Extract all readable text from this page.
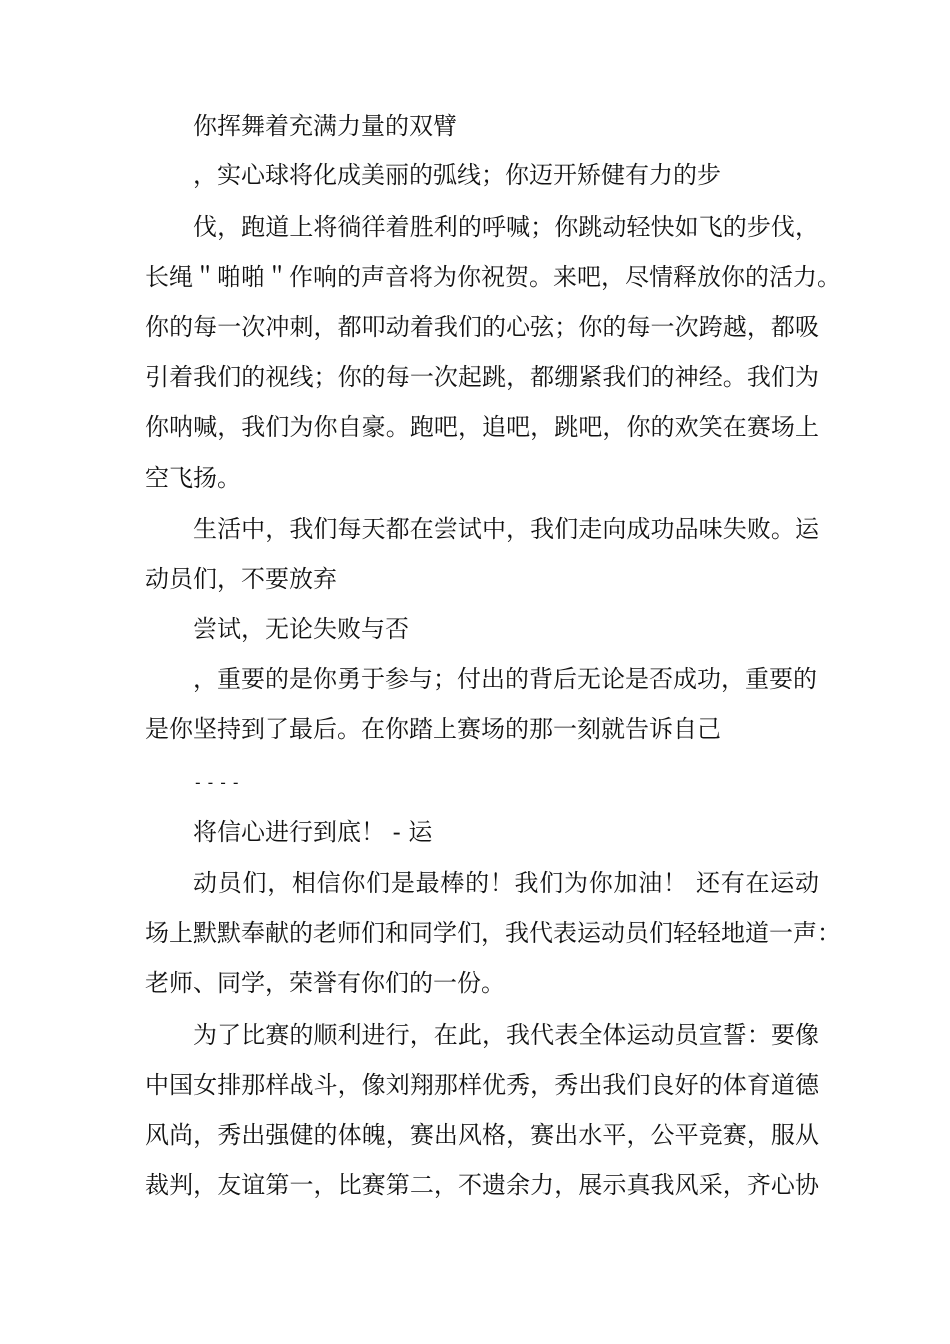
你挥舞着充满力量的双臂
，实心球将化成美丽的弧线；你迈开矫健有力的步
伐，跑道上将徜徉着胜利的呼喊；你跳动轻快如飞的步伐，
长绳＂啪啪＂作响的声音将为你祝贺。来吧，尽情释放你的活力。
你的每一次冲刺，都叩动着我们的心弦；你的每一次跨越，都吸
引着我们的视线；你的每一次起跳，都绷紧我们的神经。我们为
你呐喊，我们为你自豪。跑吧，追吧，跳吧，你的欢笑在赛场上
空飞扬。
生活中，我们每天都在尝试中，我们走向成功品味失败。运
动员们，不要放弃
尝试，无论失败与否
，重要的是你勇于参与；付出的背后无论是否成功，重要的
是你坚持到了最后。在你踏上赛场的那一刻就告诉自己
----
将信心进行到底！ - 运
动员们，相信你们是最棒的！我们为你加油！ 还有在运动
场上默默奉献的老师们和同学们，我代表运动员们轻轻地道一声：
老师、同学，荣誉有你们的一份。
为了比赛的顺利进行，在此，我代表全体运动员宣誓：要像
中国女排那样战斗，像刘翔那样优秀，秀出我们良好的体育道德
风尚，秀出强健的体魄，赛出风格，赛出水平，公平竞赛，服从
裁判，友谊第一，比赛第二，不遗余力，展示真我风采，齐心协
